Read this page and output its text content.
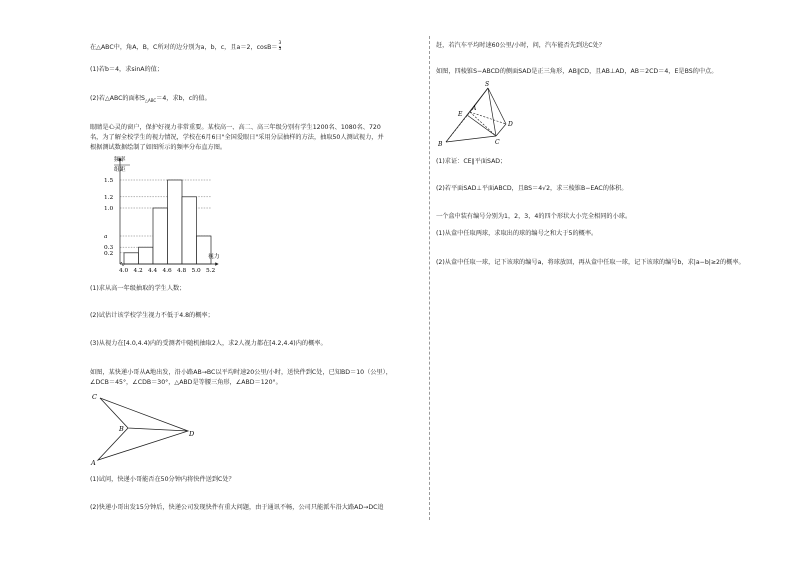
在△ABC中，角A，B，C所对的边分别为a，b，c，且a＝2，$\cos B= \frac{3}{5}$
(1)若b＝4，求sinA的值；
(2)若△ABC的面积$S_{\triangle ABC}=4$，求b，c的值。
眼睛是心灵的窗户，保护好视力非常重要。某校高一、高二、高三年级分别有学生1200名、1080名、720
名，为了解全校学生的视力情况，学校在6月6日"全国爱眼日"采用分层抽样的方法，抽取50人测试视力，并
根据测试数据绘制了如图所示的频率分布直方图。
1.5
1.2
1.0
a
0.3
0.2
4.0 4.2 4.4 4.6 4.8 5.0 5.2
频率
组距
视力
(1)求从高一年级抽取的学生人数；
(2)试估计该学校学生视力不低于4.8的概率；
(3)从视力在[4.0,4.4)内的受测者中随机抽取2人，求2人视力都在[4.2,4.4)内的概率。
如图，某快递小哥从A地出发，沿小路AB→BC以平均时速20公里/小时，送快件到C处，已知BD＝10（公里），
∠DCB＝45°，∠CDB＝30°，△ABD是等腰三角形，∠ABD＝120°。
C
B
D
A
(1)试问，快递小哥能否在50分钟内将快件送到C处？
(2)快递小哥出发15分钟后，快递公司发现快件有重大问题，由于通讯不畅，公司只能派车沿大路AD→DC追
赶，若汽车平均时速60公里/小时，问，汽车能否先到达C处？
如图，四棱锥S−ABCD的侧面SAD是正三角形，AB∥CD，且AB⊥AD，AB＝2CD＝4，E是BS的中点。
S
E
A
B	C
D
(1)求证：CE∥平面SAD；
(2)若平面SAD⊥平面ABCD，且BS＝4√2，求三棱锥B−EAC的体积。
一个盒中装有编号分别为1，2，3，4的四个形状大小完全相同的小球。
(1)从盒中任取两球，求取出的球的编号之和大于5的概率。
(2)从盒中任取一球，记下该球的编号a，将球放回，再从盒中任取一球，记下该球的编号b，求|a−b|≥2的概率。
